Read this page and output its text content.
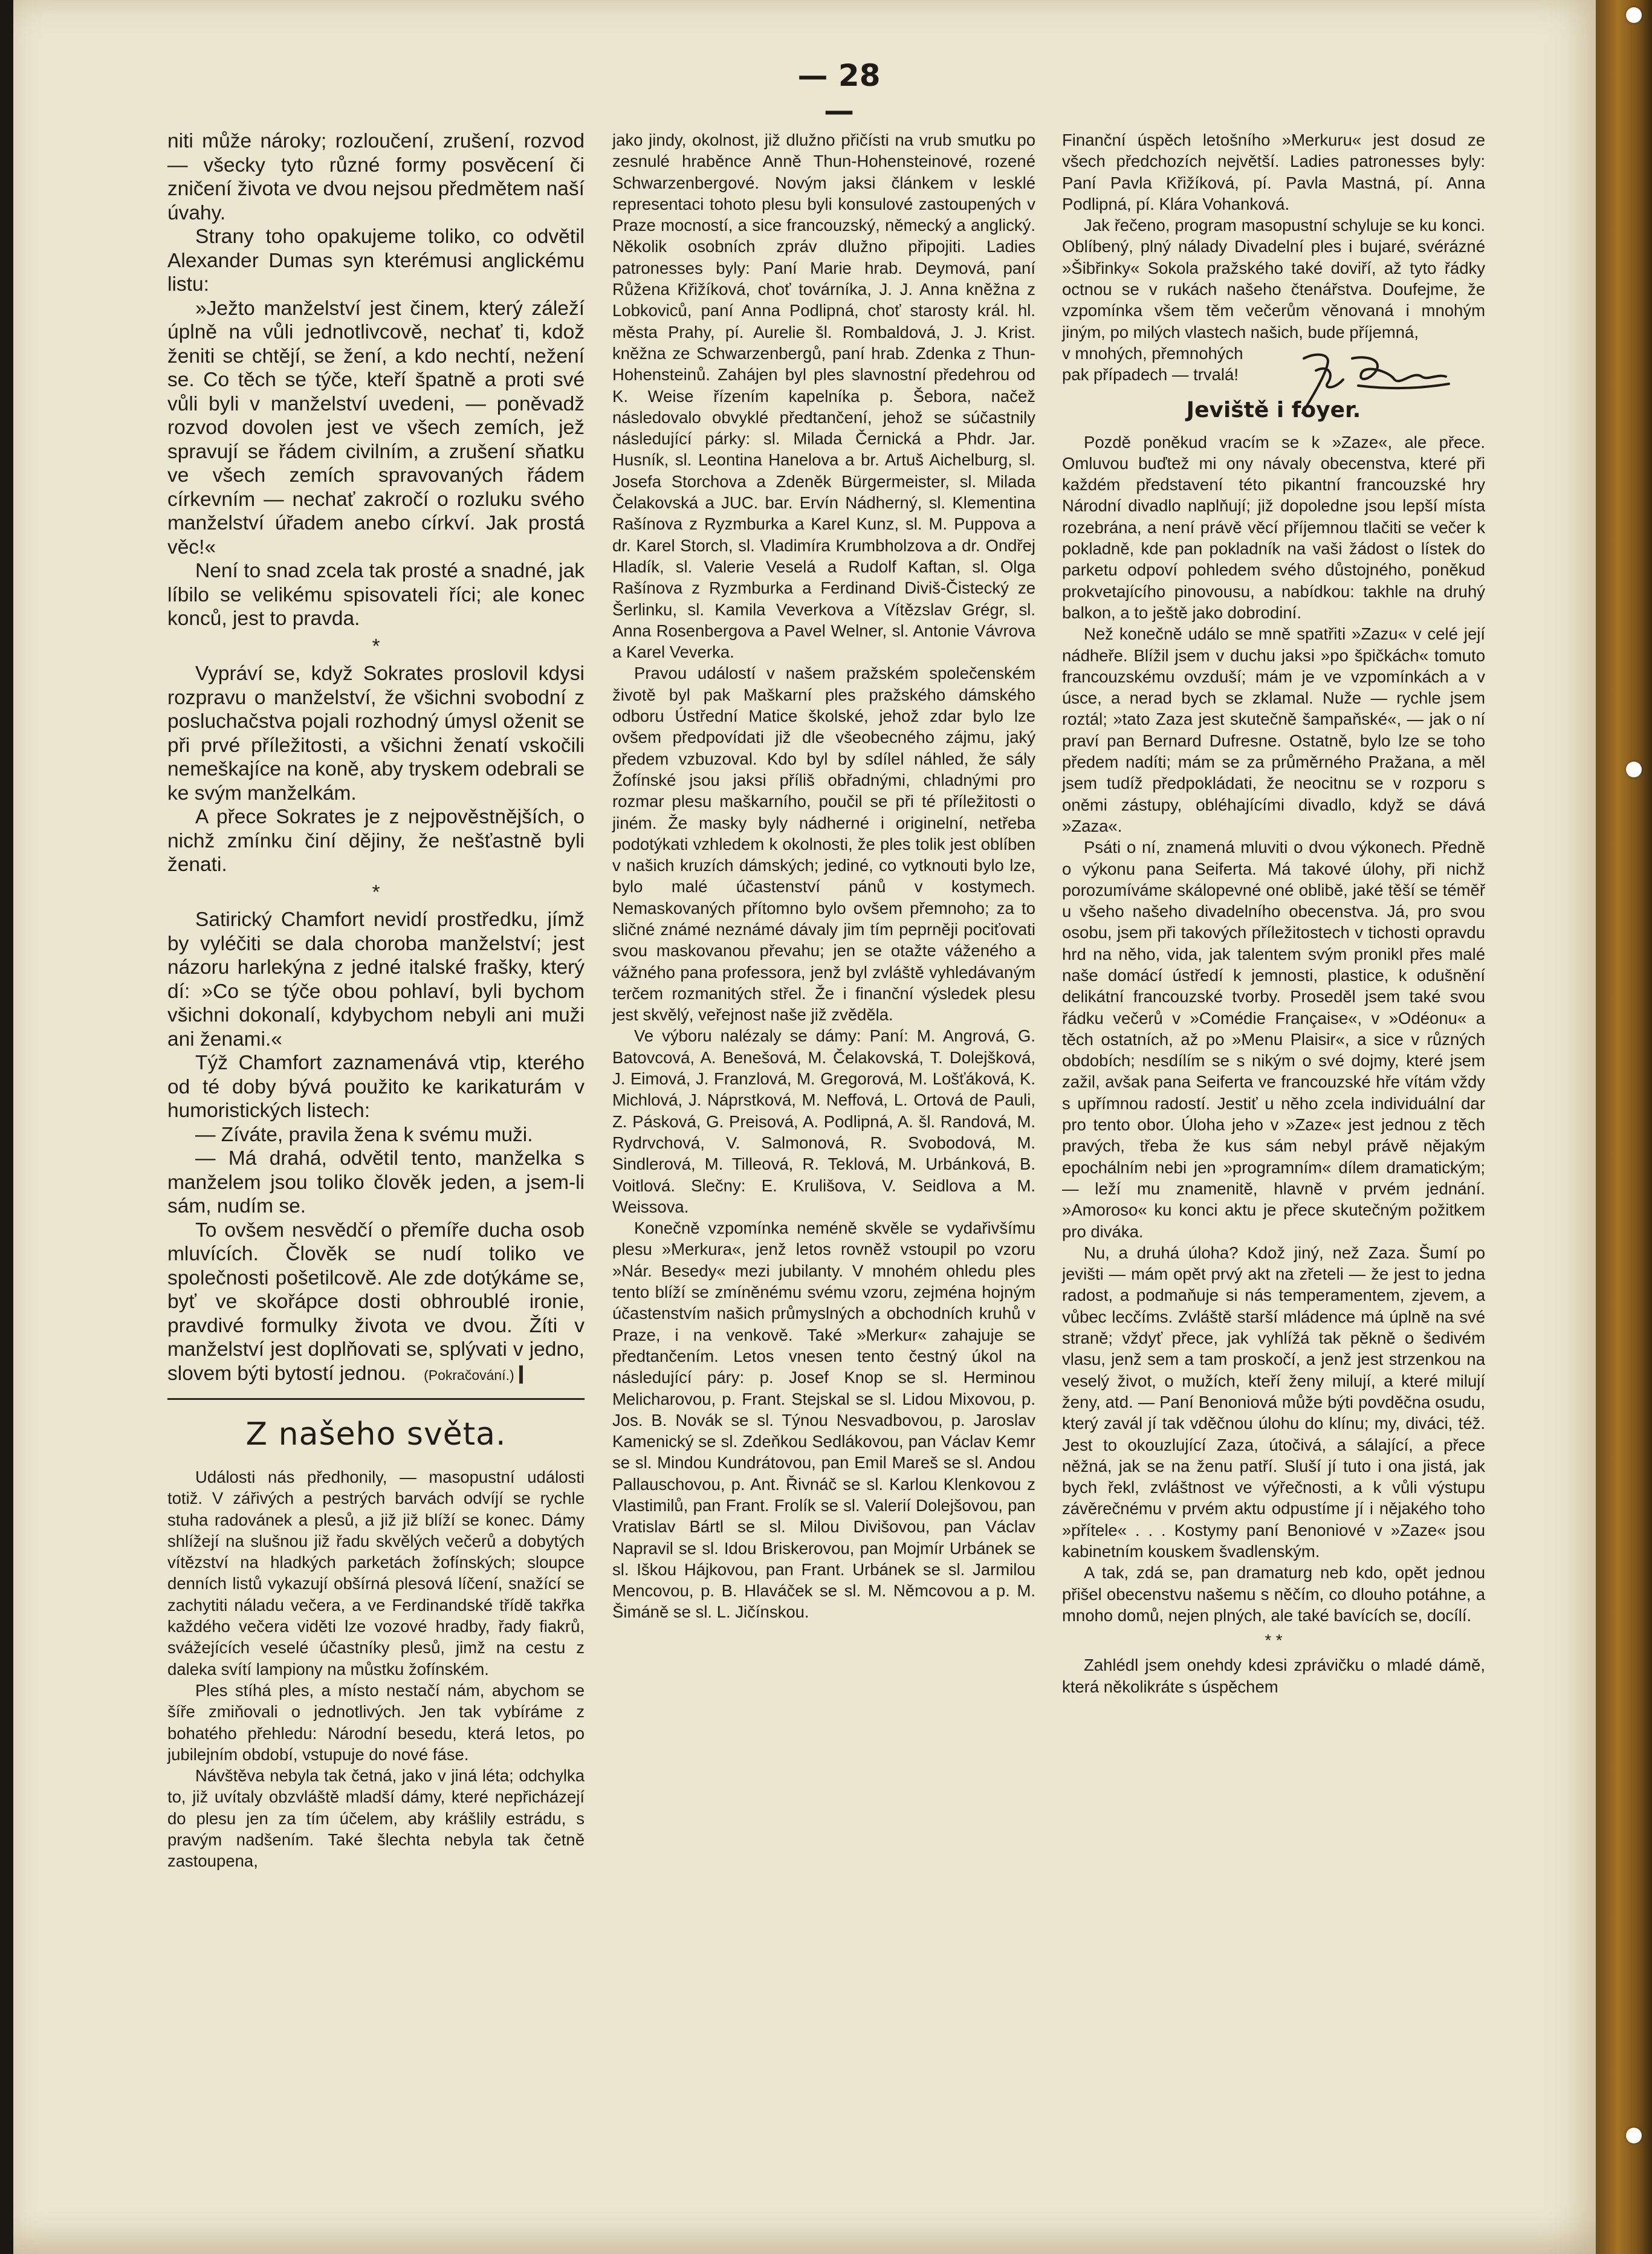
— 28 —

niti může nároky; rozloučení, zrušení, rozvod — všecky tyto různé formy posvěcení či zničení života ve dvou nejsou předmětem naší úvahy.

Strany toho opakujeme toliko, co odvětil Alexander Dumas syn kterémusi anglickému listu:

»Ježto manželství jest činem, který záleží úplně na vůli jednotlivcově, nechať ti, kdož ženiti se chtějí, se žení, a kdo nechtí, nežení se. Co těch se týče, kteří špatně a proti své vůli byli v manželství uvedeni, — poněvadž rozvod dovolen jest ve všech zemích, jež spravují se řádem civilním, a zrušení sňatku ve všech zemích spravovaných řádem církevním — nechať zakročí o rozluku svého manželství úřadem anebo církví. Jak prostá věc!«

Není to snad zcela tak prosté a snadné, jak líbilo se velikému spisovateli říci; ale konec konců, jest to pravda.

*

Vypráví se, když Sokrates proslovil kdysi rozpravu o manželství, že všichni svobodní z posluchačstva pojali rozhodný úmysl oženit se při prvé příležitosti, a všichni ženatí vskočili nemeškajíce na koně, aby tryskem odebrali se ke svým manželkám.

A přece Sokrates je z nejpověstnějších, o nichž zmínku činí dějiny, že nešťastně byli ženati.

*

Satirický Chamfort nevidí prostředku, jímž by vyléčiti se dala choroba manželství; jest názoru harlekýna z jedné italské frašky, který dí: »Co se týče obou pohlaví, byli bychom všichni dokonalí, kdybychom nebyli ani muži ani ženami.«

Týž Chamfort zaznamenává vtip, kterého od té doby bývá použito ke karikaturám v humoristických listech:

— Zíváte, pravila žena k svému muži.

— Má drahá, odvětil tento, manželka s manželem jsou toliko člověk jeden, a jsem-li sám, nudím se.

To ovšem nesvědčí o přemíře ducha osob mluvících. Člověk se nudí toliko ve společnosti pošetilcově. Ale zde dotýkáme se, byť ve skořápce dosti obhroublé ironie, pravdivé formulky života ve dvou. Žíti v manželství jest doplňovati se, splývati v jedno, slovem býti bytostí jednou. (Pokračování.)

Z našeho světa.

Události nás předhonily, — masopustní události totiž. V zářivých a pestrých barvách odvíjí se rychle stuha radovánek a plesů, a již již blíží se konec. Dámy shlížejí na slušnou již řadu skvělých večerů a dobytých vítězství na hladkých parketách žofínských; sloupce denních listů vykazují obšírná plesová líčení, snažící se zachytiti náladu večera, a ve Ferdinandské třídě takřka každého večera viděti lze vozové hradby, řady fiakrů, svážejících veselé účastníky plesů, jimž na cestu z daleka svítí lampiony na můstku žofínském.

Ples stíhá ples, a místo nestačí nám, abychom se šíře zmiňovali o jednotlivých. Jen tak vybíráme z bohatého přehledu: Národní besedu, která letos, po jubilejním období, vstupuje do nové fáse.

Návštěva nebyla tak četná, jako v jiná léta; odchylka to, již uvítaly obzvláště mladší dámy, které nepřicházejí do plesu jen za tím účelem, aby krášlily estrádu, s pravým nadšením. Také šlechta nebyla tak četně zastoupena,

jako jindy, okolnost, již dlužno přičísti na vrub smutku po zesnulé hraběnce Anně Thun-Hohensteinové, rozené Schwarzenbergové. Novým jaksi článkem v lesklé representaci tohoto plesu byli konsulové zastoupených v Praze mocností, a sice francouzský, německý a anglický. Několik osobních zpráv dlužno připojiti. Ladies patronesses byly: Paní Marie hrab. Deymová, paní Růžena Křižíková, choť továrníka, J. J. Anna kněžna z Lobkoviců, paní Anna Podlipná, choť starosty král. hl. města Prahy, pí. Aurelie šl. Rombaldová, J. J. Krist. kněžna ze Schwarzenbergů, paní hrab. Zdenka z Thun-Hohensteinů. Zahájen byl ples slavnostní předehrou od K. Weise řízením kapelníka p. Šebora, načež následovalo obvyklé předtančení, jehož se súčastnily následující párky: sl. Milada Černická a Phdr. Jar. Husník, sl. Leontina Hanelova a br. Artuš Aichelburg, sl. Josefa Storchova a Zdeněk Bürgermeister, sl. Milada Čelakovská a JUC. bar. Ervín Nádherný, sl. Klementina Rašínova z Ryzmburka a Karel Kunz, sl. M. Puppova a dr. Karel Storch, sl. Vladimíra Krumbholzova a dr. Ondřej Hladík, sl. Valerie Veselá a Rudolf Kaftan, sl. Olga Rašínova z Ryzmburka a Ferdinand Diviš-Čistecký ze Šerlinku, sl. Kamila Veverkova a Vítězslav Grégr, sl. Anna Rosenbergova a Pavel Welner, sl. Antonie Vávrova a Karel Veverka.

Pravou událostí v našem pražském společenském životě byl pak Maškarní ples pražského dámského odboru Ústřední Matice školské, jehož zdar bylo lze ovšem předpovídati již dle všeobecného zájmu, jaký předem vzbuzoval. Kdo byl by sdílel náhled, že sály Žofínské jsou jaksi příliš obřadnými, chladnými pro rozmar plesu maškarního, poučil se při té příležitosti o jiném. Že masky byly nádherné i originelní, netřeba podotýkati vzhledem k okolnosti, že ples tolik jest oblíben v našich kruzích dámských; jediné, co vytknouti bylo lze, bylo malé účastenství pánů v kostymech. Nemaskovaných přítomno bylo ovšem přemnoho; za to sličné známé neznámé dávaly jim tím peprněji pociťovati svou maskovanou převahu; jen se otažte váženého a vážného pana professora, jenž byl zvláště vyhledávaným terčem rozmanitých střel. Že i finanční výsledek plesu jest skvělý, veřejnost naše již zvěděla.

Ve výboru nalézaly se dámy: Paní: M. Angrová, G. Batovcová, A. Benešová, M. Čelakovská, T. Dolejšková, J. Eimová, J. Franzlová, M. Gregorová, M. Lošťáková, K. Michlová, J. Náprstková, M. Neffová, L. Ortová de Pauli, Z. Pásková, G. Preisová, A. Podlipná, A. šl. Randová, M. Rydrvchová, V. Salmonová, R. Svobodová, M. Sindlerová, M. Tilleová, R. Teklová, M. Urbánková, B. Voitlová. Slečny: E. Krulišova, V. Seidlova a M. Weissova.

Konečně vzpomínka neméně skvěle se vydařivšímu plesu »Merkura«, jenž letos rovněž vstoupil po vzoru »Nár. Besedy« mezi jubilanty. V mnohém ohledu ples tento blíží se zmíněnému svému vzoru, zejména hojným účastenstvím našich průmyslných a obchodních kruhů v Praze, i na venkově. Také »Merkur« zahajuje se předtančením. Letos vnesen tento čestný úkol na následující páry: p. Josef Knop se sl. Herminou Melicharovou, p. Frant. Stejskal se sl. Lidou Mixovou, p. Jos. B. Novák se sl. Týnou Nesvadbovou, p. Jaroslav Kamenický se sl. Zdeňkou Sedlákovou, pan Václav Kemr se sl. Mindou Kundrátovou, pan Emil Mareš se sl. Andou Pallauschovou, p. Ant. Řivnáč se sl. Karlou Klenkovou z Vlastimilů, pan Frant. Frolík se sl. Valerií Dolejšovou, pan Vratislav Bártl se sl. Milou Divišovou, pan Václav Napravil se sl. Idou Briskerovou, pan Mojmír Urbánek se sl. Iškou Hájkovou, pan Frant. Urbánek se sl. Jarmilou Mencovou, p. B. Hlaváček se sl. M. Němcovou a p. M. Šimáně se sl. L. Jičínskou.

Finanční úspěch letošního »Merkuru« jest dosud ze všech předchozích největší. Ladies patronesses byly: Paní Pavla Křižíková, pí. Pavla Mastná, pí. Anna Podlipná, pí. Klára Vohanková.

Jak řečeno, program masopustní schyluje se ku konci. Oblíbený, plný nálady Divadelní ples i bujaré, svérázné »Šibřinky« Sokola pražského také doviří, až tyto řádky octnou se v rukách našeho čtenářstva. Doufejme, že vzpomínka všem těm večerům věnovaná i mnohým jiným, po milých vlastech našich, bude příjemná,

v mnohých, přemnohých pak případech — trvalá!

Jeviště i foyer.

Pozdě poněkud vracím se k »Zaze«, ale přece. Omluvou buďtež mi ony návaly obecenstva, které při každém představení této pikantní francouzské hry Národní divadlo naplňují; již dopoledne jsou lepší místa rozebrána, a není právě věcí příjemnou tlačiti se večer k pokladně, kde pan pokladník na vaši žádost o lístek do parketu odpoví pohledem svého důstojného, poněkud prokvetajícího pinovousu, a nabídkou: takhle na druhý balkon, a to ještě jako dobrodiní.

Než konečně událo se mně spatřiti »Zazu« v celé její nádheře. Blížil jsem v duchu jaksi »po špičkách« tomuto francouzskému ovzduší; mám je ve vzpomínkách a v úsce, a nerad bych se zklamal. Nuže — rychle jsem roztál; »tato Zaza jest skutečně šampaňské«, — jak o ní praví pan Bernard Dufresne. Ostatně, bylo lze se toho předem nadíti; mám se za průměrného Pražana, a měl jsem tudíž předpokládati, že neocitnu se v rozporu s oněmi zástupy, obléhajícími divadlo, když se dává »Zaza«.

Psáti o ní, znamená mluviti o dvou výkonech. Předně o výkonu pana Seiferta. Má takové úlohy, při nichž porozumíváme skálopevné oné oblibě, jaké těší se téměř u všeho našeho divadelního obecenstva. Já, pro svou osobu, jsem při takových příležitostech v tichosti opravdu hrd na něho, vida, jak talentem svým pronikl přes malé naše domácí ústředí k jemnosti, plastice, k odušnění delikátní francouzské tvorby. Proseděl jsem také svou řádku večerů v »Comédie Française«, v »Odéonu« a těch ostatních, až po »Menu Plaisir«, a sice v různých obdobích; nesdílím se s nikým o své dojmy, které jsem zažil, avšak pana Seiferta ve francouzské hře vítám vždy s upřímnou radostí. Jestiť u něho zcela individuální dar pro tento obor. Úloha jeho v »Zaze« jest jednou z těch pravých, třeba že kus sám nebyl právě nějakým epochálním nebi jen »programním« dílem dramatickým; — leží mu znamenitě, hlavně v prvém jednání. »Amoroso« ku konci aktu je přece skutečným požitkem pro diváka.

Nu, a druhá úloha? Kdož jiný, než Zaza. Šumí po jevišti — mám opět prvý akt na zřeteli — že jest to jedna radost, a podmaňuje si nás temperamentem, zjevem, a vůbec lecčíms. Zvláště starší mládence má úplně na své straně; vždyť přece, jak vyhlížá tak pěkně o šedivém vlasu, jenž sem a tam proskočí, a jenž jest strzenkou na veselý život, o mužích, kteří ženy milují, a které milují ženy, atd. — Paní Benoniová může býti povděčna osudu, který zavál jí tak vděčnou úlohu do klínu; my, diváci, též. Jest to okouzlující Zaza, útočivá, a sálající, a přece něžná, jak se na ženu patří. Sluší jí tuto i ona jistá, jak bych řekl, zvláštnost ve výřečnosti, a k vůli výstupu závěrečnému v prvém aktu odpustíme jí i nějakého toho »přítele« . . . Kostymy paní Benoniové v »Zaze« jsou kabinetním kouskem švadlenským.

A tak, zdá se, pan dramaturg neb kdo, opět jednou přišel obecenstvu našemu s něčím, co dlouho potáhne, a mnoho domů, nejen plných, ale také bavících se, docílí.

* *

Zahlédl jsem onehdy kdesi zprávičku o mladé dámě, která několikráte s úspěchem
